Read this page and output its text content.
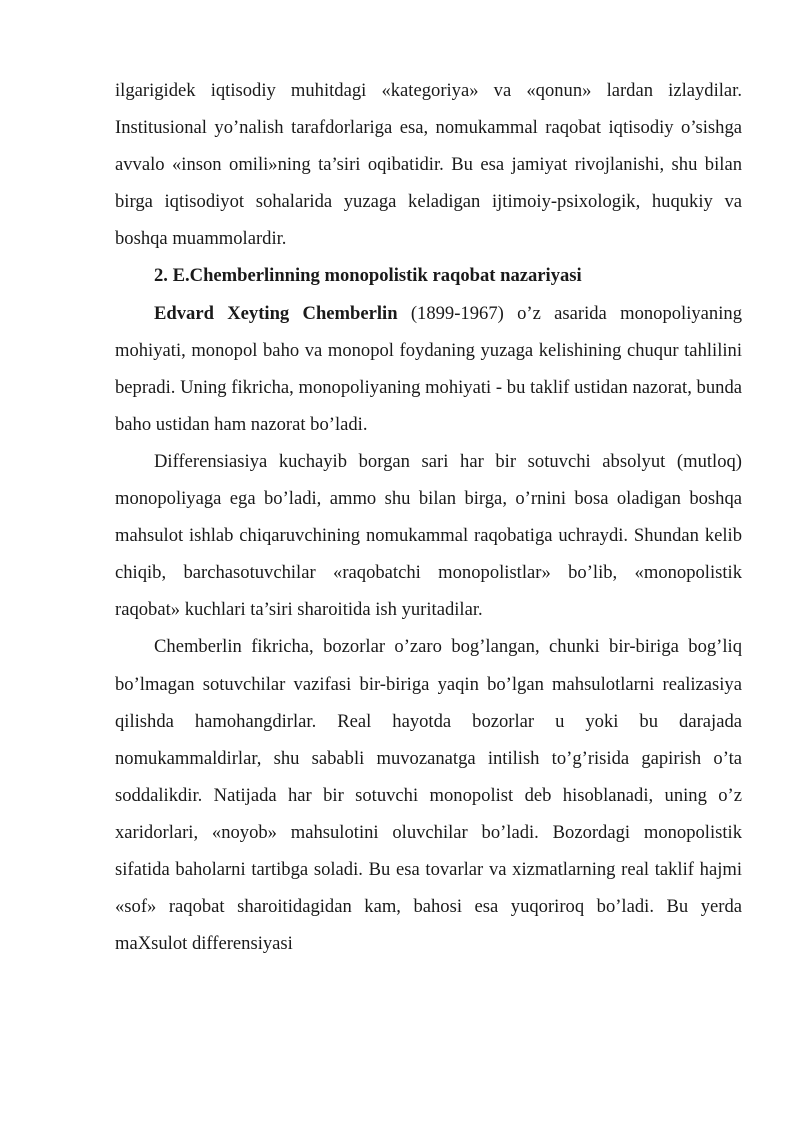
ilgarigidek iqtisodiy muhitdagi «kategoriya» va «qonun» lardan izlaydilar. Institusional yo’nalish tarafdorlariga esa, nomukammal raqobat iqtisodiy o’sishga avvalo «inson omili»ning ta’siri oqibatidir. Bu esa jamiyat rivojlanishi, shu bilan birga iqtisodiyot sohalarida yuzaga keladigan ijtimoiy-psixologik, huqukiy va boshqa muammolardir.

2. E.Chemberlinning monopolistik raqobat nazariyasi

Edvard Xeyting Chemberlin (1899-1967) o’z asarida monopoliyaning mohiyati, monopol baho va monopol foydaning yuzaga kelishining chuqur tahlilini bepradi. Uning fikricha, monopoliyaning mohiyati - bu taklif ustidan nazorat, bunda baho ustidan ham nazorat bo’ladi.

Differensiasiya kuchayib borgan sari har bir sotuvchi absolyut (mutloq) monopoliyaga ega bo’ladi, ammo shu bilan birga, o’rnini bosa oladigan boshqa mahsulot ishlab chiqaruvchining nomukammal raqobatiga uchraydi. Shundan kelib chiqib, barchasotuvchilar «raqobatchi monopolistlar» bo’lib, «monopolistik raqobat» kuchlari ta’siri sharoitida ish yuritadilar.

Chemberlin fikricha, bozorlar o’zaro bog’langan, chunki bir-biriga bog’liq bo’lmagan sotuvchilar vazifasi bir-biriga yaqin bo’lgan mahsulotlarni realizasiya qilishda hamohangdirlar. Real hayotda bozorlar u yoki bu darajada nomukammaldirlar, shu sababli muvozanatga intilish to’g’risida gapirish o’ta soddalikdir. Natijada har bir sotuvchi monopolist deb hisoblanadi, uning o’z xaridorlari, «noyob» mahsulotini oluvchilar bo’ladi. Bozordagi monopolistik sifatida baholarni tartibga soladi. Bu esa tovarlar va xizmatlarning real taklif hajmi «sof» raqobat sharoitidagidan kam, bahosi esa yuqoriroq bo’ladi. Bu yerda maXsulot differensiyasi
